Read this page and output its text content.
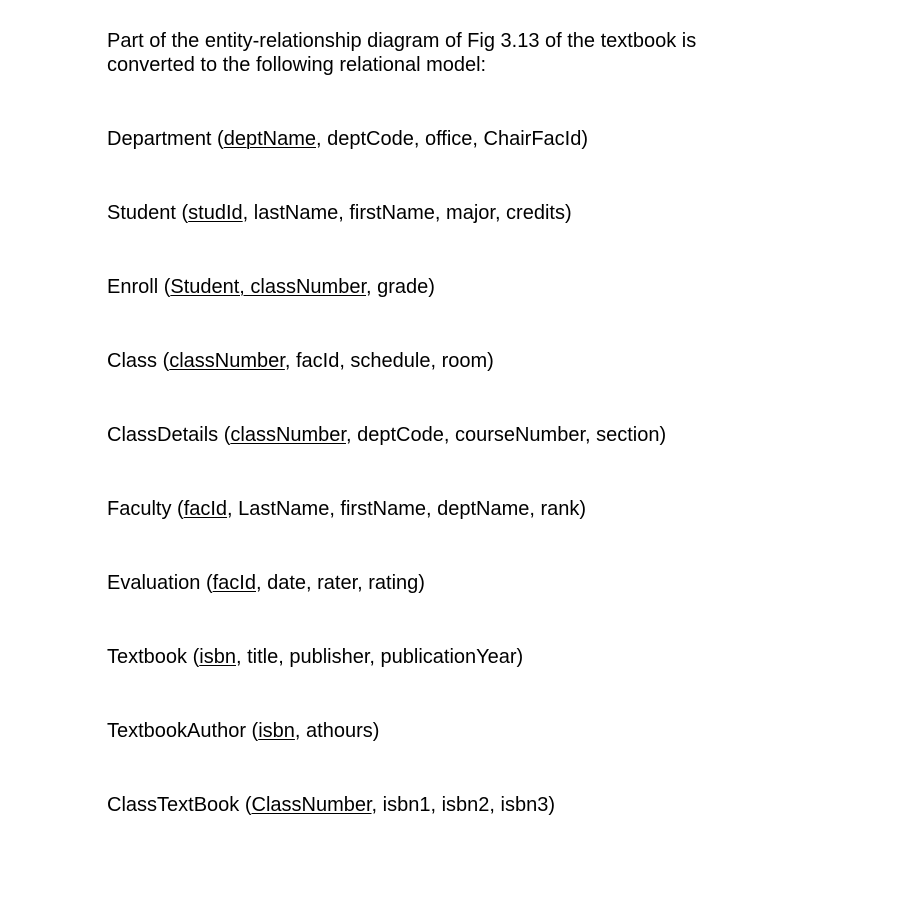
Part of the entity-relationship diagram of Fig 3.13 of the textbook is
converted to the following relational model:

Department (deptName, deptCode, office, ChairFacId)
Student (studId, lastName, firstName, major, credits)
Enroll (Student, classNumber, grade)
Class (classNumber, facId, schedule, room)
ClassDetails (classNumber, deptCode, courseNumber, section)
Faculty (facId, LastName, firstName, deptName, rank)
Evaluation (facId, date, rater, rating)
Textbook (isbn, title, publisher, publicationYear)
TextbookAuthor (isbn, athours)
ClassTextBook (ClassNumber, isbn1, isbn2, isbn3)
